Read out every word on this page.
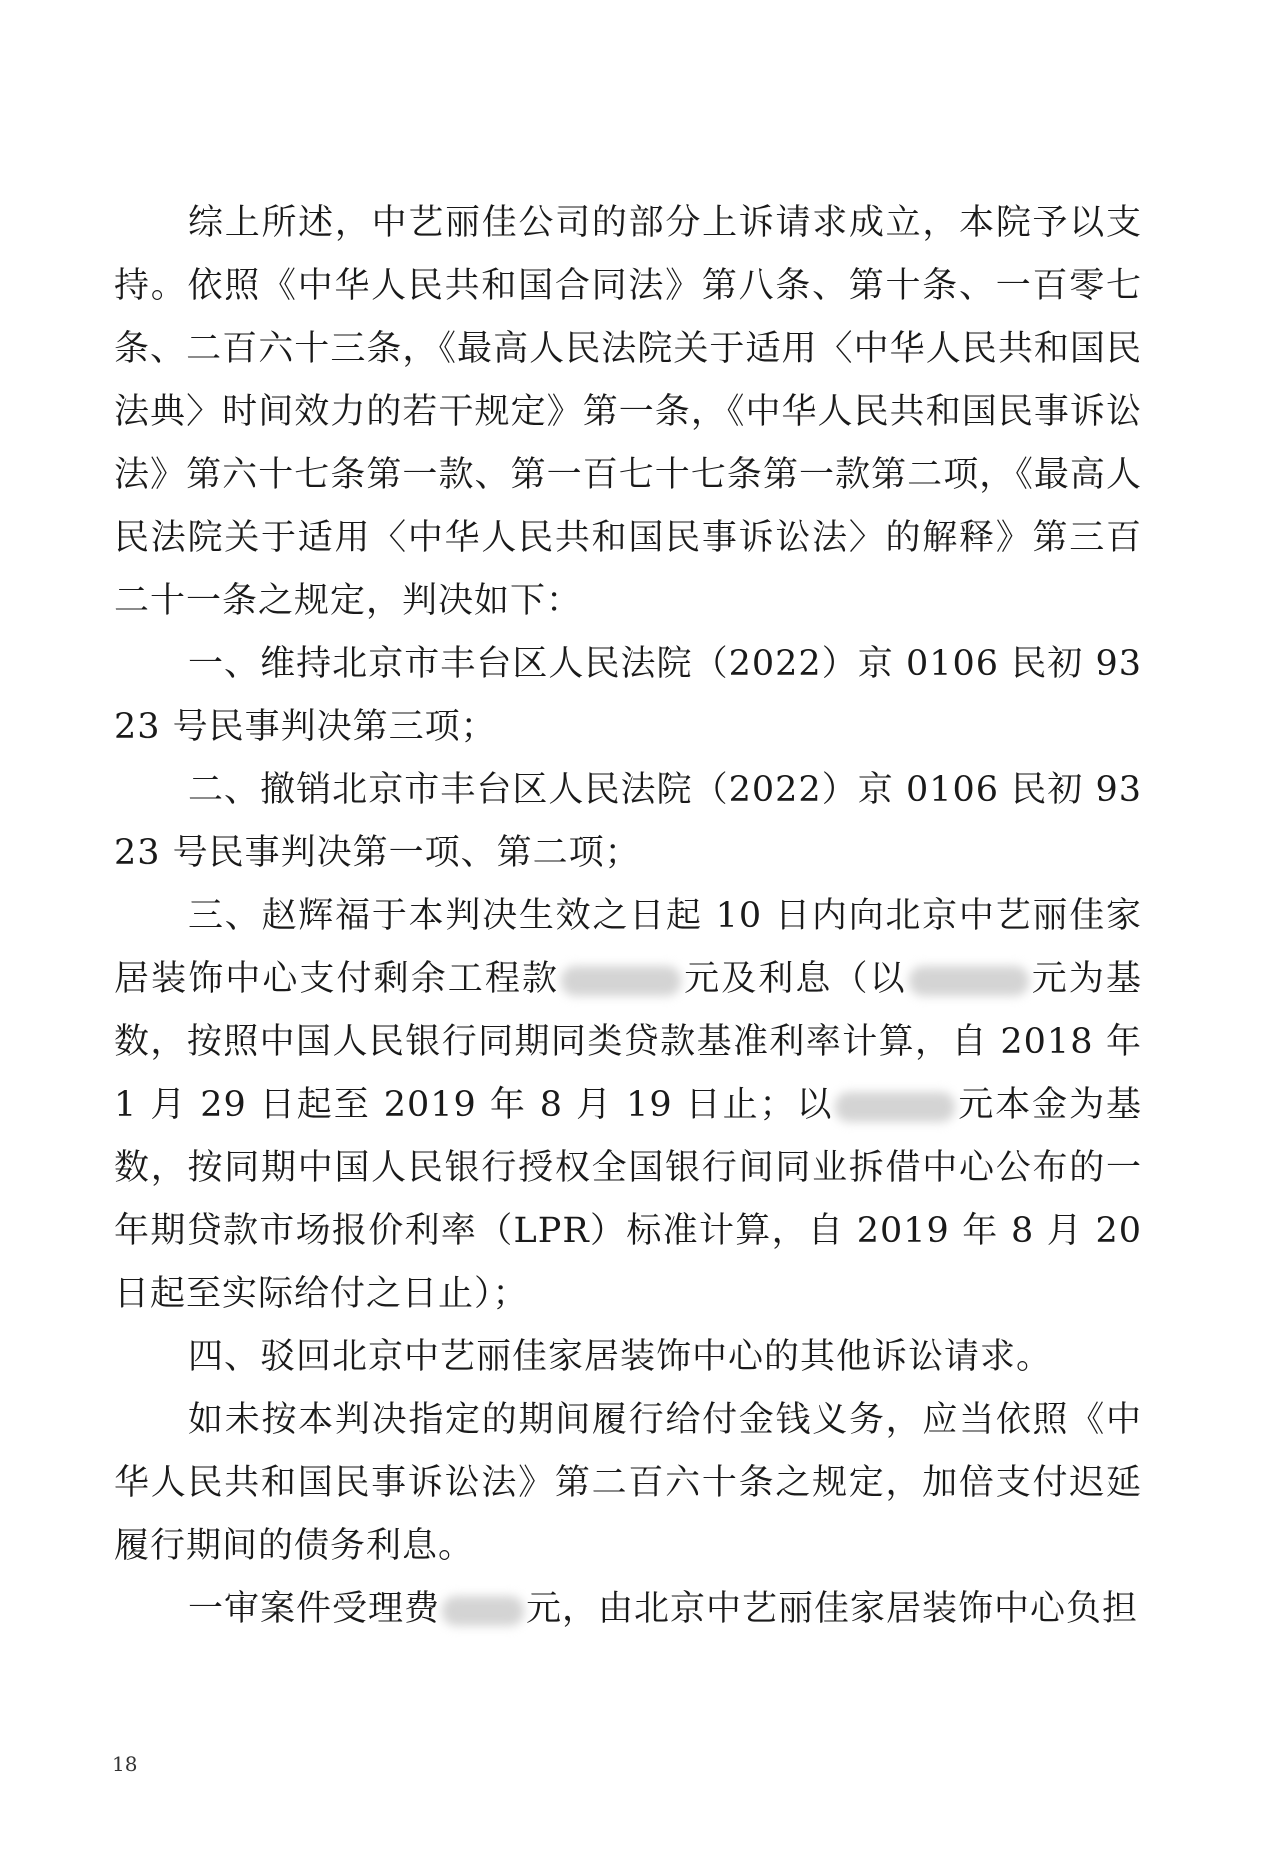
综上所述，中艺丽佳公司的部分上诉请求成立，本院予以支持。依照《中华人民共和国合同法》第八条、第十条、一百零七条、二百六十三条，《最高人民法院关于适用〈中华人民共和国民法典〉时间效力的若干规定》第一条，《中华人民共和国民事诉讼法》第六十七条第一款、第一百七十七条第一款第二项，《最高人民法院关于适用〈中华人民共和国民事诉讼法〉的解释》第三百二十一条之规定，判决如下：

一、维持北京市丰台区人民法院（2022）京 0106 民初 9323 号民事判决第三项；

二、撤销北京市丰台区人民法院（2022）京 0106 民初 9323 号民事判决第一项、第二项；

三、赵辉福于本判决生效之日起 10 日内向北京中艺丽佳家居装饰中心支付剩余工程款	元及利息（以	元为基数，按照中国人民银行同期同类贷款基准利率计算，自 2018 年 1 月 29 日起至 2019 年 8 月 19 日止；以	元本金为基数，按同期中国人民银行授权全国银行间同业拆借中心公布的一年期贷款市场报价利率（LPR）标准计算，自 2019 年 8 月 20 日起至实际给付之日止）；

四、驳回北京中艺丽佳家居装饰中心的其他诉讼请求。

如未按本判决指定的期间履行给付金钱义务，应当依照《中华人民共和国民事诉讼法》第二百六十条之规定，加倍支付迟延履行期间的债务利息。

一审案件受理费 元，由北京中艺丽佳家居装饰中心负担

18
